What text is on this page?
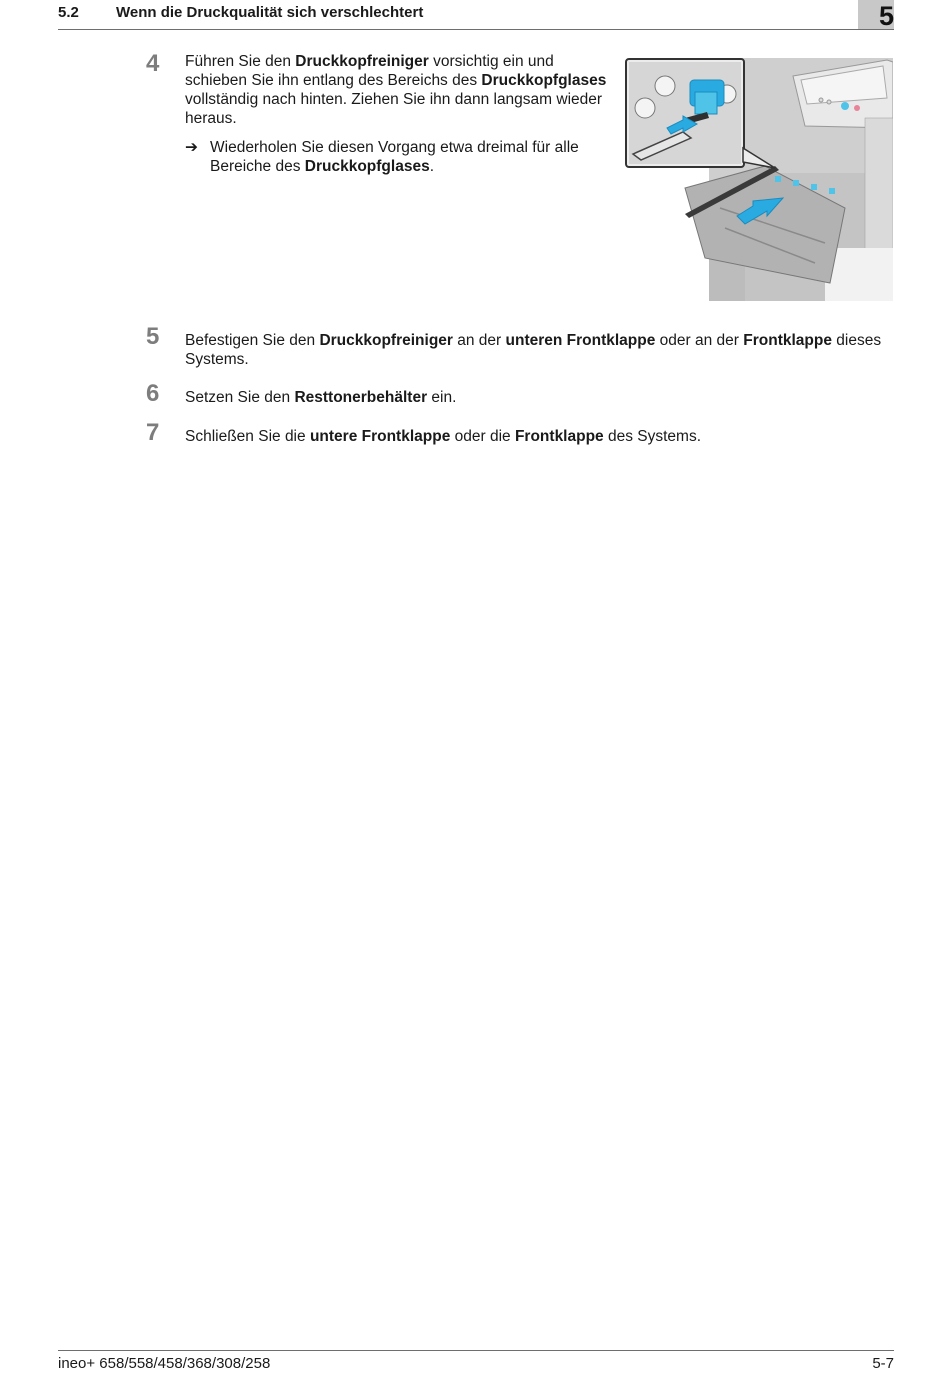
5.2 Wenn die Druckqualität sich verschlechtert	5
4	Führen Sie den Druckkopfreiniger vorsichtig ein und schieben Sie ihn entlang des Bereichs des Druckkopfglases vollständig nach hinten. Ziehen Sie ihn dann langsam wieder heraus.
➔ Wiederholen Sie diesen Vorgang etwa dreimal für alle Bereiche des Druckkopfglases.
5	Befestigen Sie den Druckkopfreiniger an der unteren Frontklappe oder an der Frontklappe dieses Systems.
6	Setzen Sie den Resttonerbehälter ein.
7	Schließen Sie die untere Frontklappe oder die Frontklappe des Systems.
ineo+ 658/558/458/368/308/258	5-7
